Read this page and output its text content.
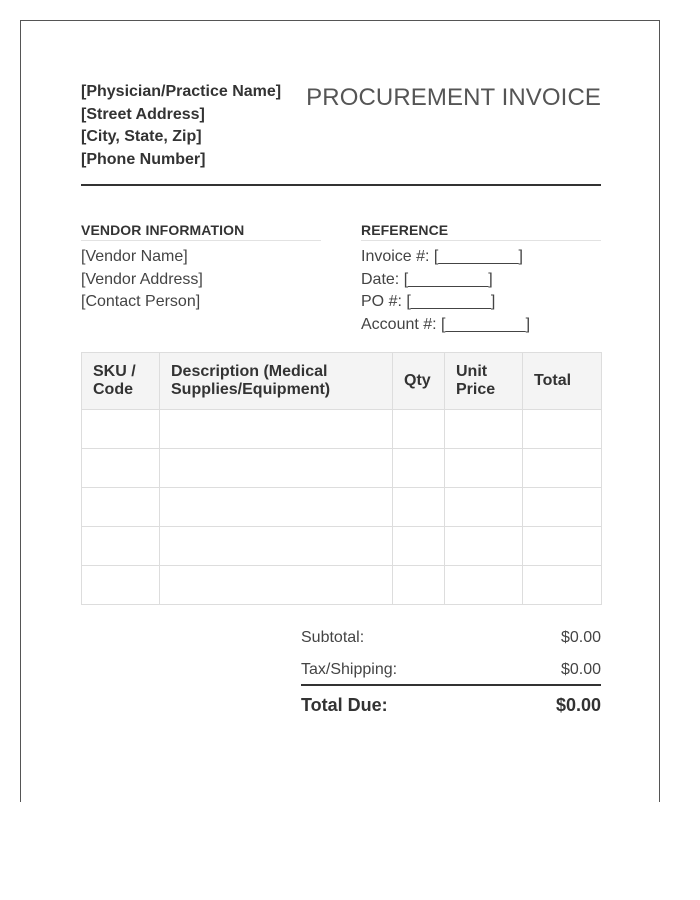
[Physician/Practice Name]
[Street Address]
[City, State, Zip]
[Phone Number]
PROCUREMENT INVOICE
VENDOR INFORMATION
[Vendor Name]
[Vendor Address]
[Contact Person]
REFERENCE
Invoice #: [_________]
Date: [_________]
PO #: [_________]
Account #: [_________]
SKU / Code	Description (Medical Supplies/Equipment)	Qty	Unit Price	Total

Subtotal:	$0.00
Tax/Shipping:	$0.00
Total Due:	$0.00
